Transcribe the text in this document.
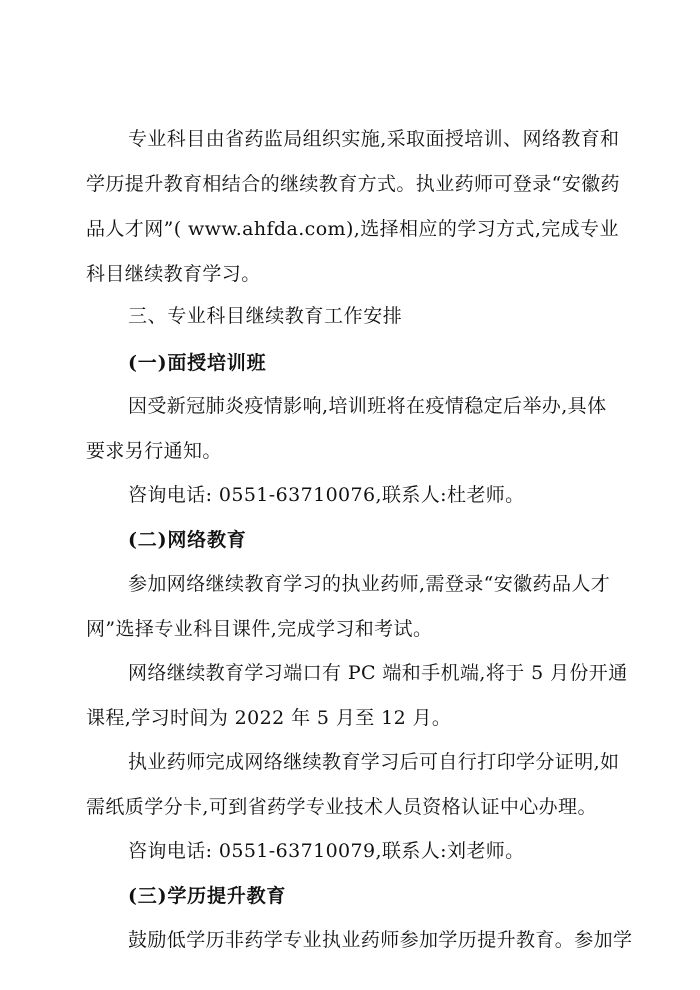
专业科目由省药监局组织实施,采取面授培训、网络教育和
学历提升教育相结合的继续教育方式。执业药师可登录“安徽药
品人才网”( www.ahfda.com),选择相应的学习方式,完成专业
科目继续教育学习。
三、专业科目继续教育工作安排
(一)面授培训班
因受新冠肺炎疫情影响,培训班将在疫情稳定后举办,具体
要求另行通知。
咨询电话: 0551-63710076,联系人:杜老师。
(二)网络教育
参加网络继续教育学习的执业药师,需登录“安徽药品人才
网”选择专业科目课件,完成学习和考试。
网络继续教育学习端口有 PC 端和手机端,将于 5 月份开通
课程,学习时间为 2022 年 5 月至 12 月。
执业药师完成网络继续教育学习后可自行打印学分证明,如
需纸质学分卡,可到省药学专业技术人员资格认证中心办理。
咨询电话: 0551-63710079,联系人:刘老师。
(三)学历提升教育
鼓励低学历非药学专业执业药师参加学历提升教育。参加学
